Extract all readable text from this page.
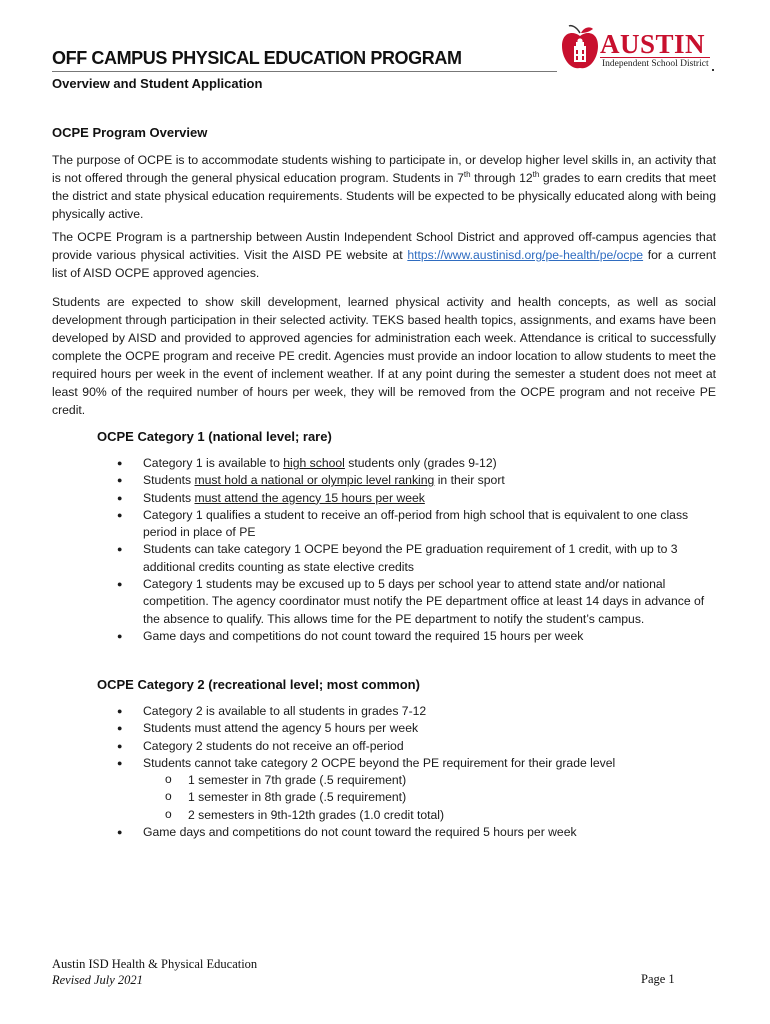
OFF CAMPUS PHYSICAL EDUCATION PROGRAM
Overview and Student Application
AUSTIN
Independent School District
OCPE Program Overview

The purpose of OCPE is to accommodate students wishing to participate in, or develop higher level skills in, an activity that is not offered through the general physical education program. Students in 7th through 12th grades to earn credits that meet the district and state physical education requirements. Students will be expected to be physically educated along with being physically active.

The OCPE Program is a partnership between Austin Independent School District and approved off-campus agencies that provide various physical activities. Visit the AISD PE website at https://www.austinisd.org/pe-health/pe/ocpe for a current list of AISD OCPE approved agencies.

Students are expected to show skill development, learned physical activity and health concepts, as well as social development through participation in their selected activity. TEKS based health topics, assignments, and exams have been developed by AISD and provided to approved agencies for administration each week. Attendance is critical to successfully complete the OCPE program and receive PE credit. Agencies must provide an indoor location to allow students to meet the required hours per week in the event of inclement weather. If at any point during the semester a student does not meet at least 90% of the required number of hours per week, they will be removed from the OCPE program and not receive PE credit.

OCPE Category 1 (national level; rare)
● Category 1 is available to high school students only (grades 9-12)
● Students must hold a national or olympic level ranking in their sport
● Students must attend the agency 15 hours per week
● Category 1 qualifies a student to receive an off-period from high school that is equivalent to one class period in place of PE
● Students can take category 1 OCPE beyond the PE graduation requirement of 1 credit, with up to 3 additional credits counting as state elective credits
● Category 1 students may be excused up to 5 days per school year to attend state and/or national competition. The agency coordinator must notify the PE department office at least 14 days in advance of the absence to qualify. This allows time for the PE department to notify the student’s campus.
● Game days and competitions do not count toward the required 15 hours per week
OCPE Category 2 (recreational level; most common)
● Category 2 is available to all students in grades 7-12
● Students must attend the agency 5 hours per week
● Category 2 students do not receive an off-period
● Students cannot take category 2 OCPE beyond the PE requirement for their grade level
o 1 semester in 7th grade (.5 requirement)
o 1 semester in 8th grade (.5 requirement)
o 2 semesters in 9th-12th grades (1.0 credit total)
● Game days and competitions do not count toward the required 5 hours per week
Austin ISD Health & Physical Education
Revised July 2021	Page 1
